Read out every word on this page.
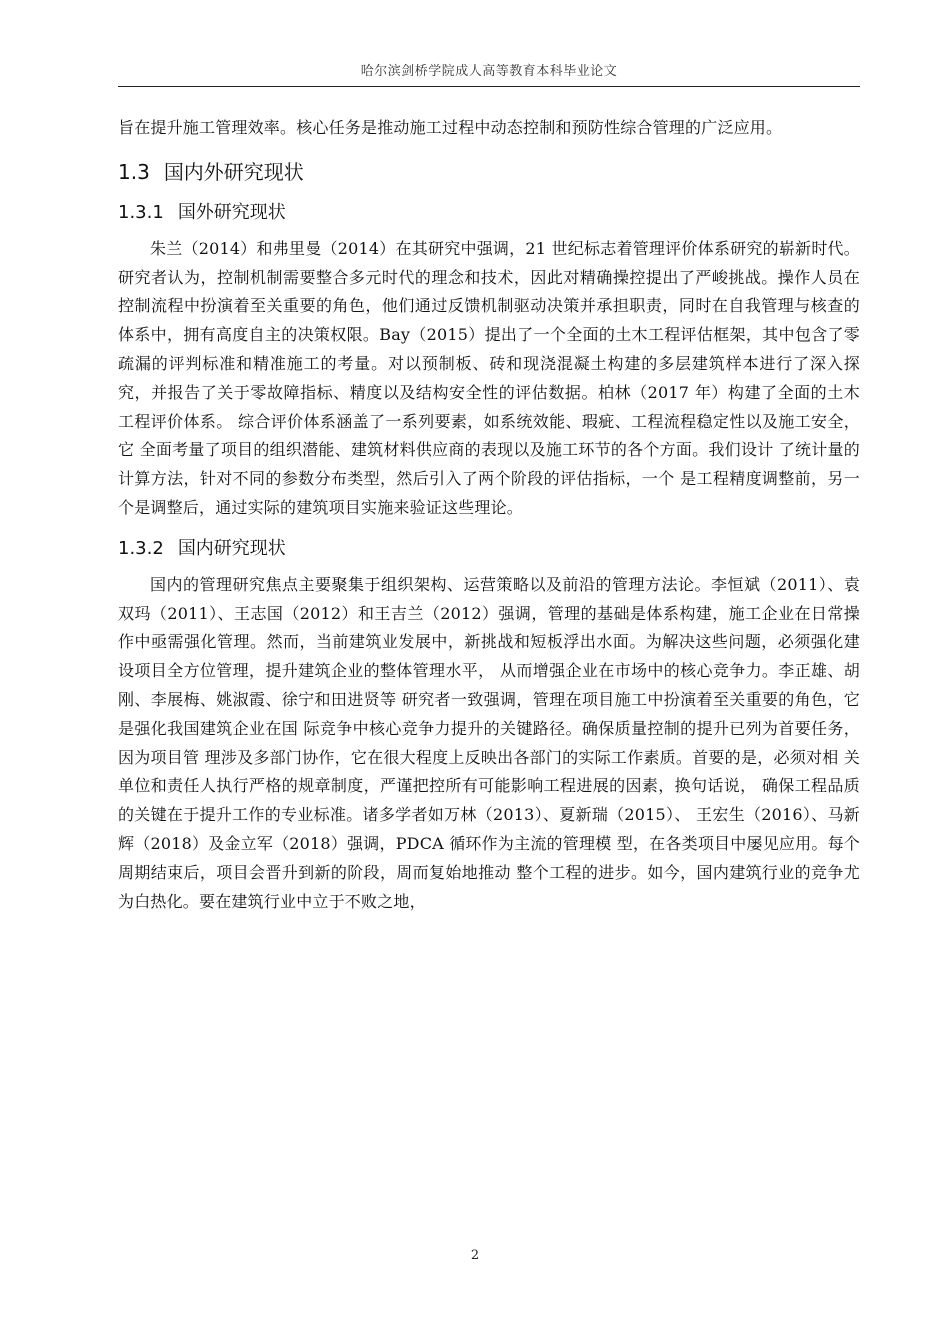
哈尔滨剑桥学院成人高等教育本科毕业论文

旨在提升施工管理效率。核心任务是推动施工过程中动态控制和预防性综合管理的广泛应用。

1.3 国内外研究现状
1.3.1 国外研究现状

朱兰（2014）和弗里曼（2014）在其研究中强调，21 世纪标志着管理评价体系研究的崭新时代。研究者认为，控制机制需要整合多元时代的理念和技术，因此对精确操控提出了严峻挑战。操作人员在控制流程中扮演着至关重要的角色，他们通过反馈机制驱动决策并承担职责，同时在自我管理与核查的体系中，拥有高度自主的决策权限。Bay（2015）提出了一个全面的土木工程评估框架，其中包含了零疏漏的评判标准和精准施工的考量。对以预制板、砖和现浇混凝土构建的多层建筑样本进行了深入探究，并报告了关于零故障指标、精度以及结构安全性的评估数据。柏林（2017 年）构建了全面的土木工程评价体系。 综合评价体系涵盖了一系列要素，如系统效能、瑕疵、工程流程稳定性以及施工安全，它 全面考量了项目的组织潜能、建筑材料供应商的表现以及施工环节的各个方面。我们设计 了统计量的计算方法，针对不同的参数分布类型，然后引入了两个阶段的评估指标，一个 是工程精度调整前，另一个是调整后，通过实际的建筑项目实施来验证这些理论。

1.3.2 国内研究现状

国内的管理研究焦点主要聚集于组织架构、运营策略以及前沿的管理方法论。李恒斌（2011）、袁双玛（2011）、王志国（2012）和王吉兰（2012）强调，管理的基础是体系构建，施工企业在日常操作中亟需强化管理。然而，当前建筑业发展中，新挑战和短板浮出水面。为解决这些问题，必须强化建设项目全方位管理，提升建筑企业的整体管理水平， 从而增强企业在市场中的核心竞争力。李正雄、胡刚、李展梅、姚淑霞、徐宁和田进贤等 研究者一致强调，管理在项目施工中扮演着至关重要的角色，它是强化我国建筑企业在国 际竞争中核心竞争力提升的关键路径。确保质量控制的提升已列为首要任务，因为项目管 理涉及多部门协作，它在很大程度上反映出各部门的实际工作素质。首要的是，必须对相 关单位和责任人执行严格的规章制度，严谨把控所有可能影响工程进展的因素，换句话说， 确保工程品质的关键在于提升工作的专业标准。诸多学者如万林（2013）、夏新瑞（2015）、 王宏生（2016）、马新辉（2018）及金立军（2018）强调，PDCA 循环作为主流的管理模 型，在各类项目中屡见应用。每个周期结束后，项目会晋升到新的阶段，周而复始地推动 整个工程的进步。如今，国内建筑行业的竞争尤为白热化。要在建筑行业中立于不败之地，

2
